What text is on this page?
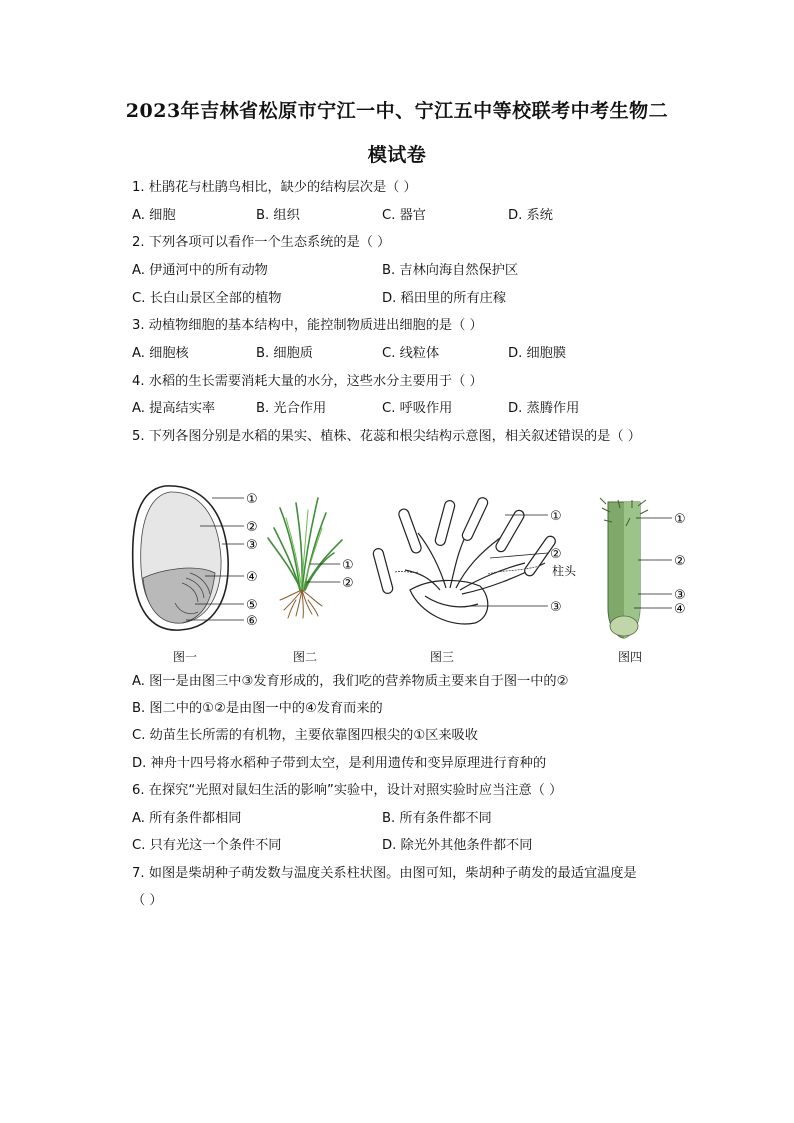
2023年吉林省松原市宁江一中、宁江五中等校联考中考生物二
模试卷
1. 杜鹃花与杜鹃鸟相比，缺少的结构层次是（ ）
A. 细胞	B. 组织	C. 器官	D. 系统
2. 下列各项可以看作一个生态系统的是（ ）
A. 伊通河中的所有动物	B. 吉林向海自然保护区
C. 长白山景区全部的植物	D. 稻田里的所有庄稼
3. 动植物细胞的基本结构中，能控制物质进出细胞的是（ ）
A. 细胞核	B. 细胞质	C. 线粒体	D. 细胞膜
4. 水稻的生长需要消耗大量的水分，这些水分主要用于（ ）
A. 提高结实率	B. 光合作用	C. 呼吸作用	D. 蒸腾作用
5. 下列各图分别是水稻的果实、植株、花蕊和根尖结构示意图，相关叙述错误的是（ ）
①
②
③
④
⑤
⑥
①
②
①
②
柱头
③
①
②
③
④
图一	图二	图三	图四
A. 图一是由图三中③发育形成的，我们吃的营养物质主要来自于图一中的②
B. 图二中的①②是由图一中的④发育而来的
C. 幼苗生长所需的有机物，主要依靠图四根尖的①区来吸收
D. 神舟十四号将水稻种子带到太空，是利用遗传和变异原理进行育种的
6. 在探究“光照对鼠妇生活的影响”实验中，设计对照实验时应当注意（ ）
A. 所有条件都相同	B. 所有条件都不同
C. 只有光这一个条件不同	D. 除光外其他条件都不同
7. 如图是柴胡种子萌发数与温度关系柱状图。由图可知，柴胡种子萌发的最适宜温度是
（ ）
